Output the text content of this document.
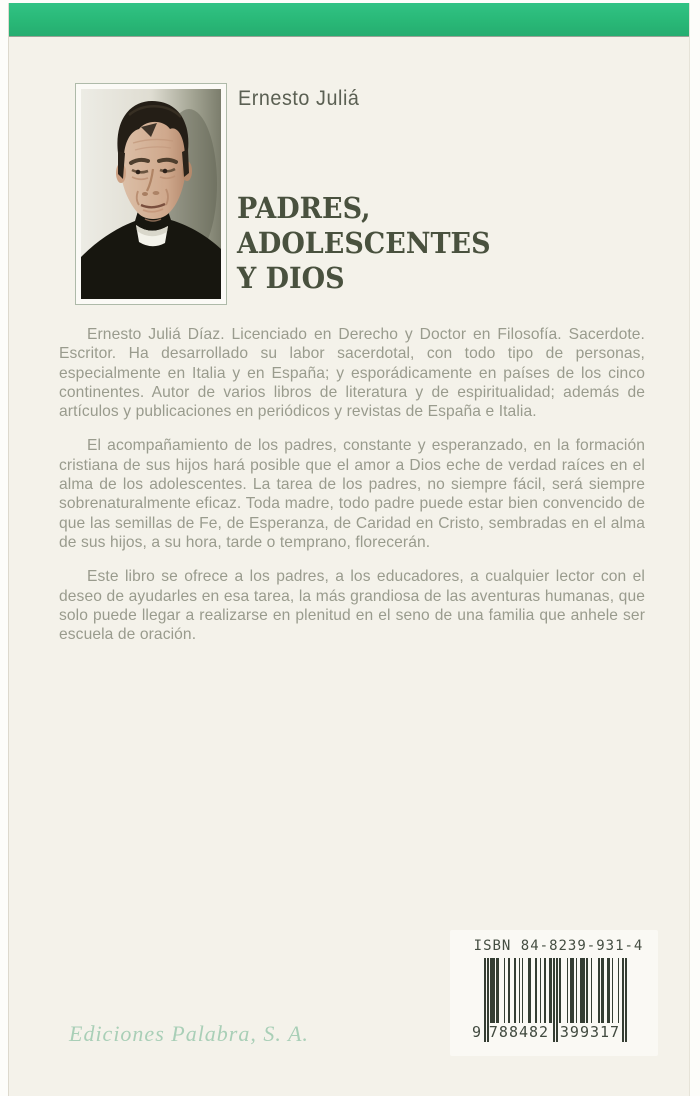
Ernesto Juliá
PADRES,
ADOLESCENTES
Y DIOS

Ernesto Juliá Díaz. Licenciado en Derecho y Doctor en Filosofía. Sacerdote. Escritor. Ha desarrollado su labor sacerdotal, con todo tipo de personas, especialmente en Italia y en España; y esporádicamente en países de los cinco continentes. Autor de varios libros de literatura y de espiritualidad; además de artículos y publicaciones en periódicos y revistas de España e Italia.

El acompañamiento de los padres, constante y esperanzado, en la formación cristiana de sus hijos hará posible que el amor a Dios eche de verdad raíces en el alma de los adolescentes. La tarea de los padres, no siempre fácil, será siempre sobrenaturalmente eficaz. Toda madre, todo padre puede estar bien convencido de que las semillas de Fe, de Esperanza, de Caridad en Cristo, sembradas en el alma de sus hijos, a su hora, tarde o temprano, florecerán.

Este libro se ofrece a los padres, a los educadores, a cualquier lector con el deseo de ayudarles en esa tarea, la más grandiosa de las aventuras humanas, que solo puede llegar a realizarse en plenitud en el seno de una familia que anhele ser escuela de oración.

Ediciones Palabra, S. A.
ISBN 84-8239-931-4
9 788482 399317
